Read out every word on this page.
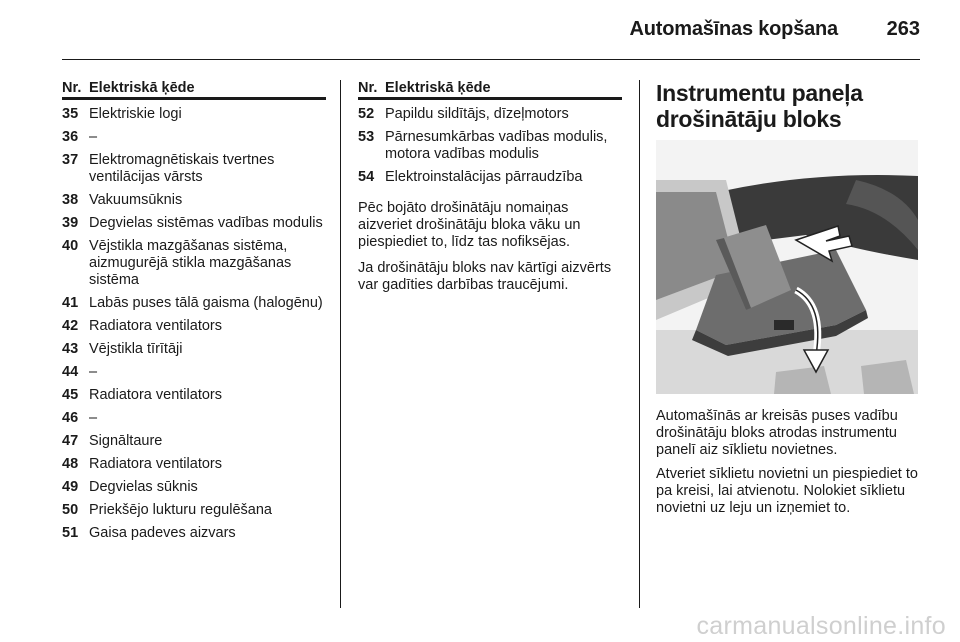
Automašīnas kopšana 263
Nr. Elektriskā ķēde
35 Elektriskie logi
36 –
37 Elektromagnētiskais tvertnes ventilācijas vārsts
38 Vakuumsūknis
39 Degvielas sistēmas vadības modulis
40 Vējstikla mazgāšanas sistēma, aizmugurējā stikla mazgāšanas sistēma
41 Labās puses tālā gaisma (halogēnu)
42 Radiatora ventilators
43 Vējstikla tīrītāji
44 –
45 Radiatora ventilators
46 –
47 Signāltaure
48 Radiatora ventilators
49 Degvielas sūknis
50 Priekšējo lukturu regulēšana
51 Gaisa padeves aizvars
Nr. Elektriskā ķēde
52 Papildu sildītājs, dīzeļmotors
53 Pārnesumkārbas vadības modulis, motora vadības modulis
54 Elektroinstalācijas pārraudzība

Pēc bojāto drošinātāju nomaiņas aizveriet drošinātāju bloka vāku un piespiediet to, līdz tas nofiksējas.

Ja drošinātāju bloks nav kārtīgi aizvērts var gadīties darbības traucējumi.

Instrumentu paneļa drošinātāju bloks

Automašīnās ar kreisās puses vadību drošinātāju bloks atrodas instrumentu panelī aiz sīklietu novietnes.

Atveriet sīklietu novietni un piespiediet to pa kreisi, lai atvienotu. Nolokiet sīklietu novietni uz leju un izņemiet to.

carmanualsonline.info
